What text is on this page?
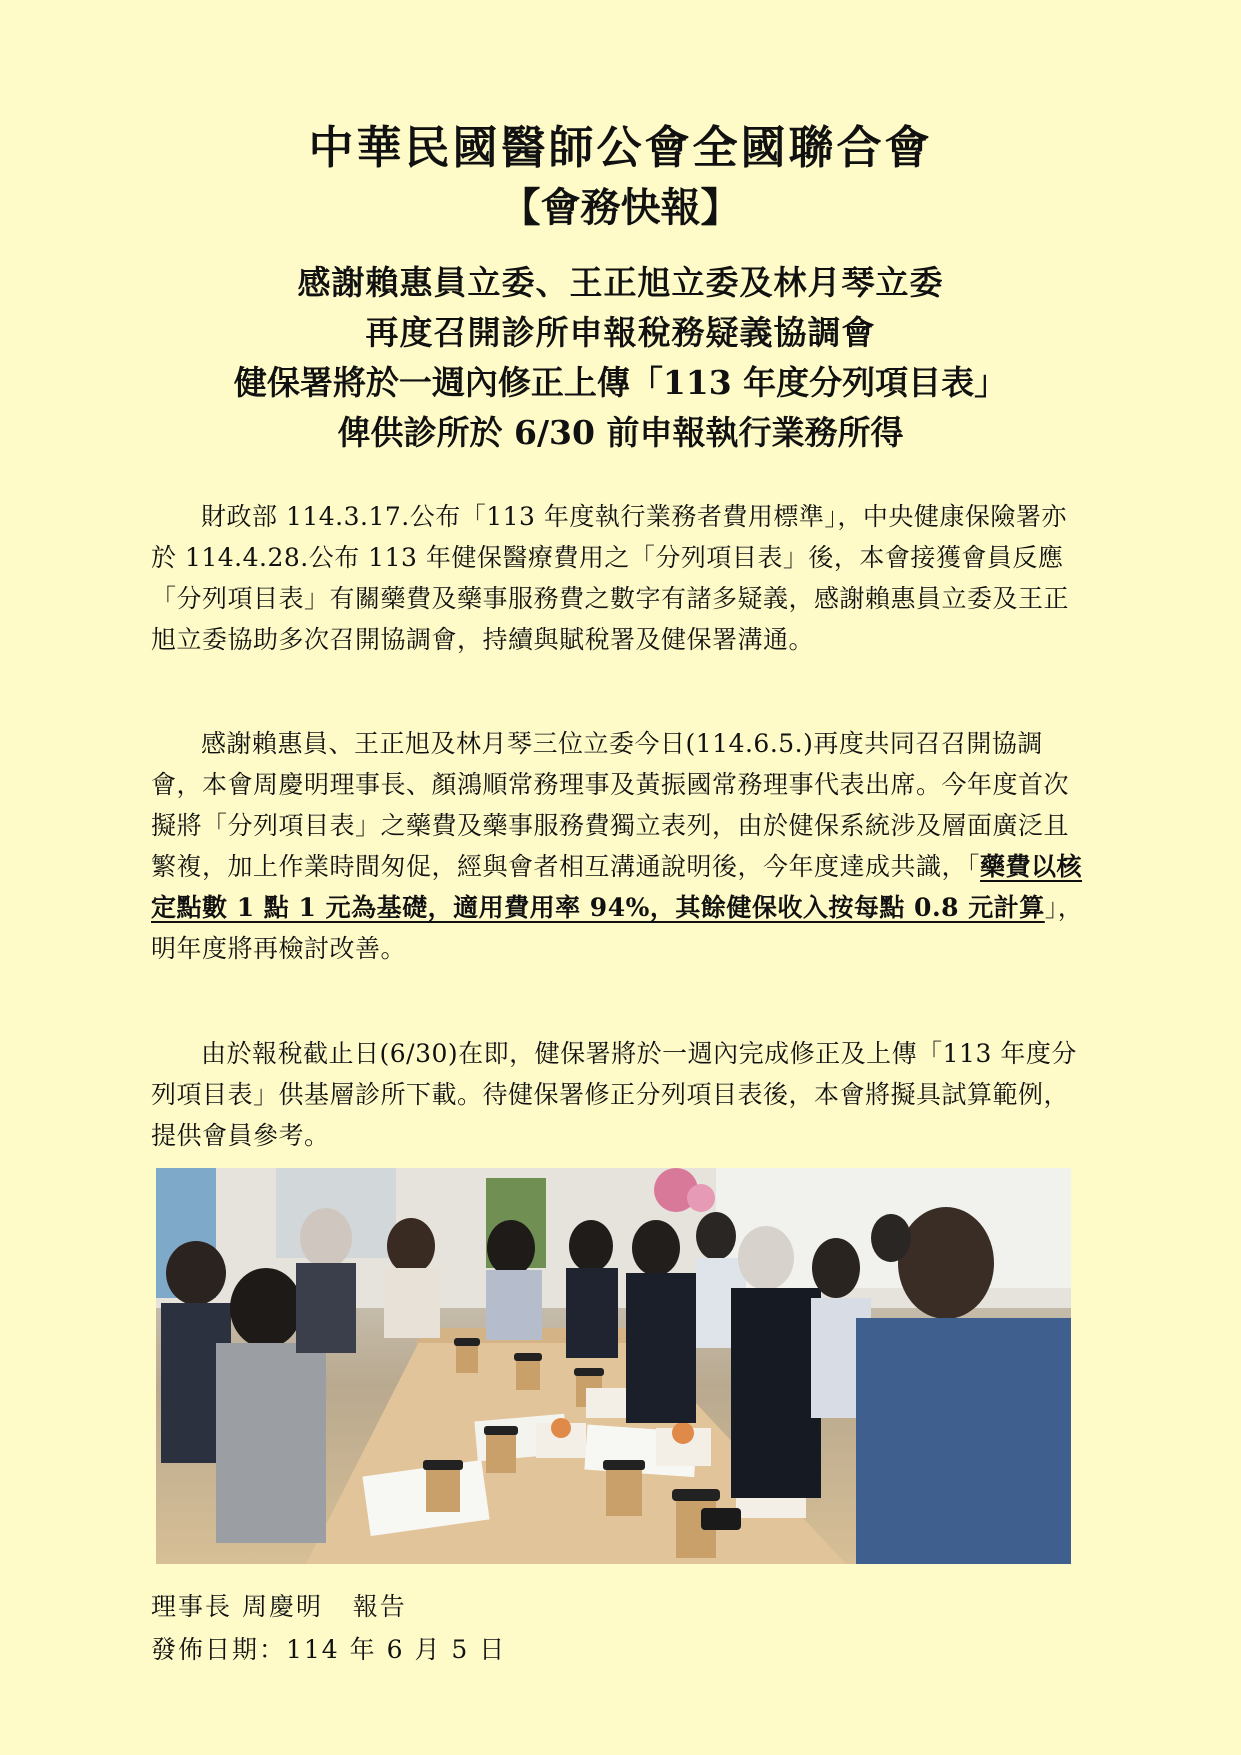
中華民國醫師公會全國聯合會
【會務快報】
感謝賴惠員立委、王正旭立委及林月琴立委
再度召開診所申報稅務疑義協調會
健保署將於一週內修正上傳「113 年度分列項目表」
俾供診所於 6/30 前申報執行業務所得
財政部 114.3.17.公布「113 年度執行業務者費用標準」，中央健康保險署亦於 114.4.28.公布 113 年健保醫療費用之「分列項目表」後，本會接獲會員反應「分列項目表」有關藥費及藥事服務費之數字有諸多疑義，感謝賴惠員立委及王正旭立委協助多次召開協調會，持續與賦稅署及健保署溝通。
感謝賴惠員、王正旭及林月琴三位立委今日(114.6.5.)再度共同召召開協調會，本會周慶明理事長、顏鴻順常務理事及黃振國常務理事代表出席。今年度首次擬將「分列項目表」之藥費及藥事服務費獨立表列，由於健保系統涉及層面廣泛且繁複，加上作業時間匆促，經與會者相互溝通說明後，今年度達成共識，「藥費以核定點數 1 點 1 元為基礎，適用費用率 94%，其餘健保收入按每點 0.8 元計算」，明年度將再檢討改善。
由於報稅截止日(6/30)在即，健保署將於一週內完成修正及上傳「113 年度分列項目表」供基層診所下載。待健保署修正分列項目表後，本會將擬具試算範例，提供會員參考。
理事長 周慶明   報告
發佈日期：114 年 6 月 5 日
